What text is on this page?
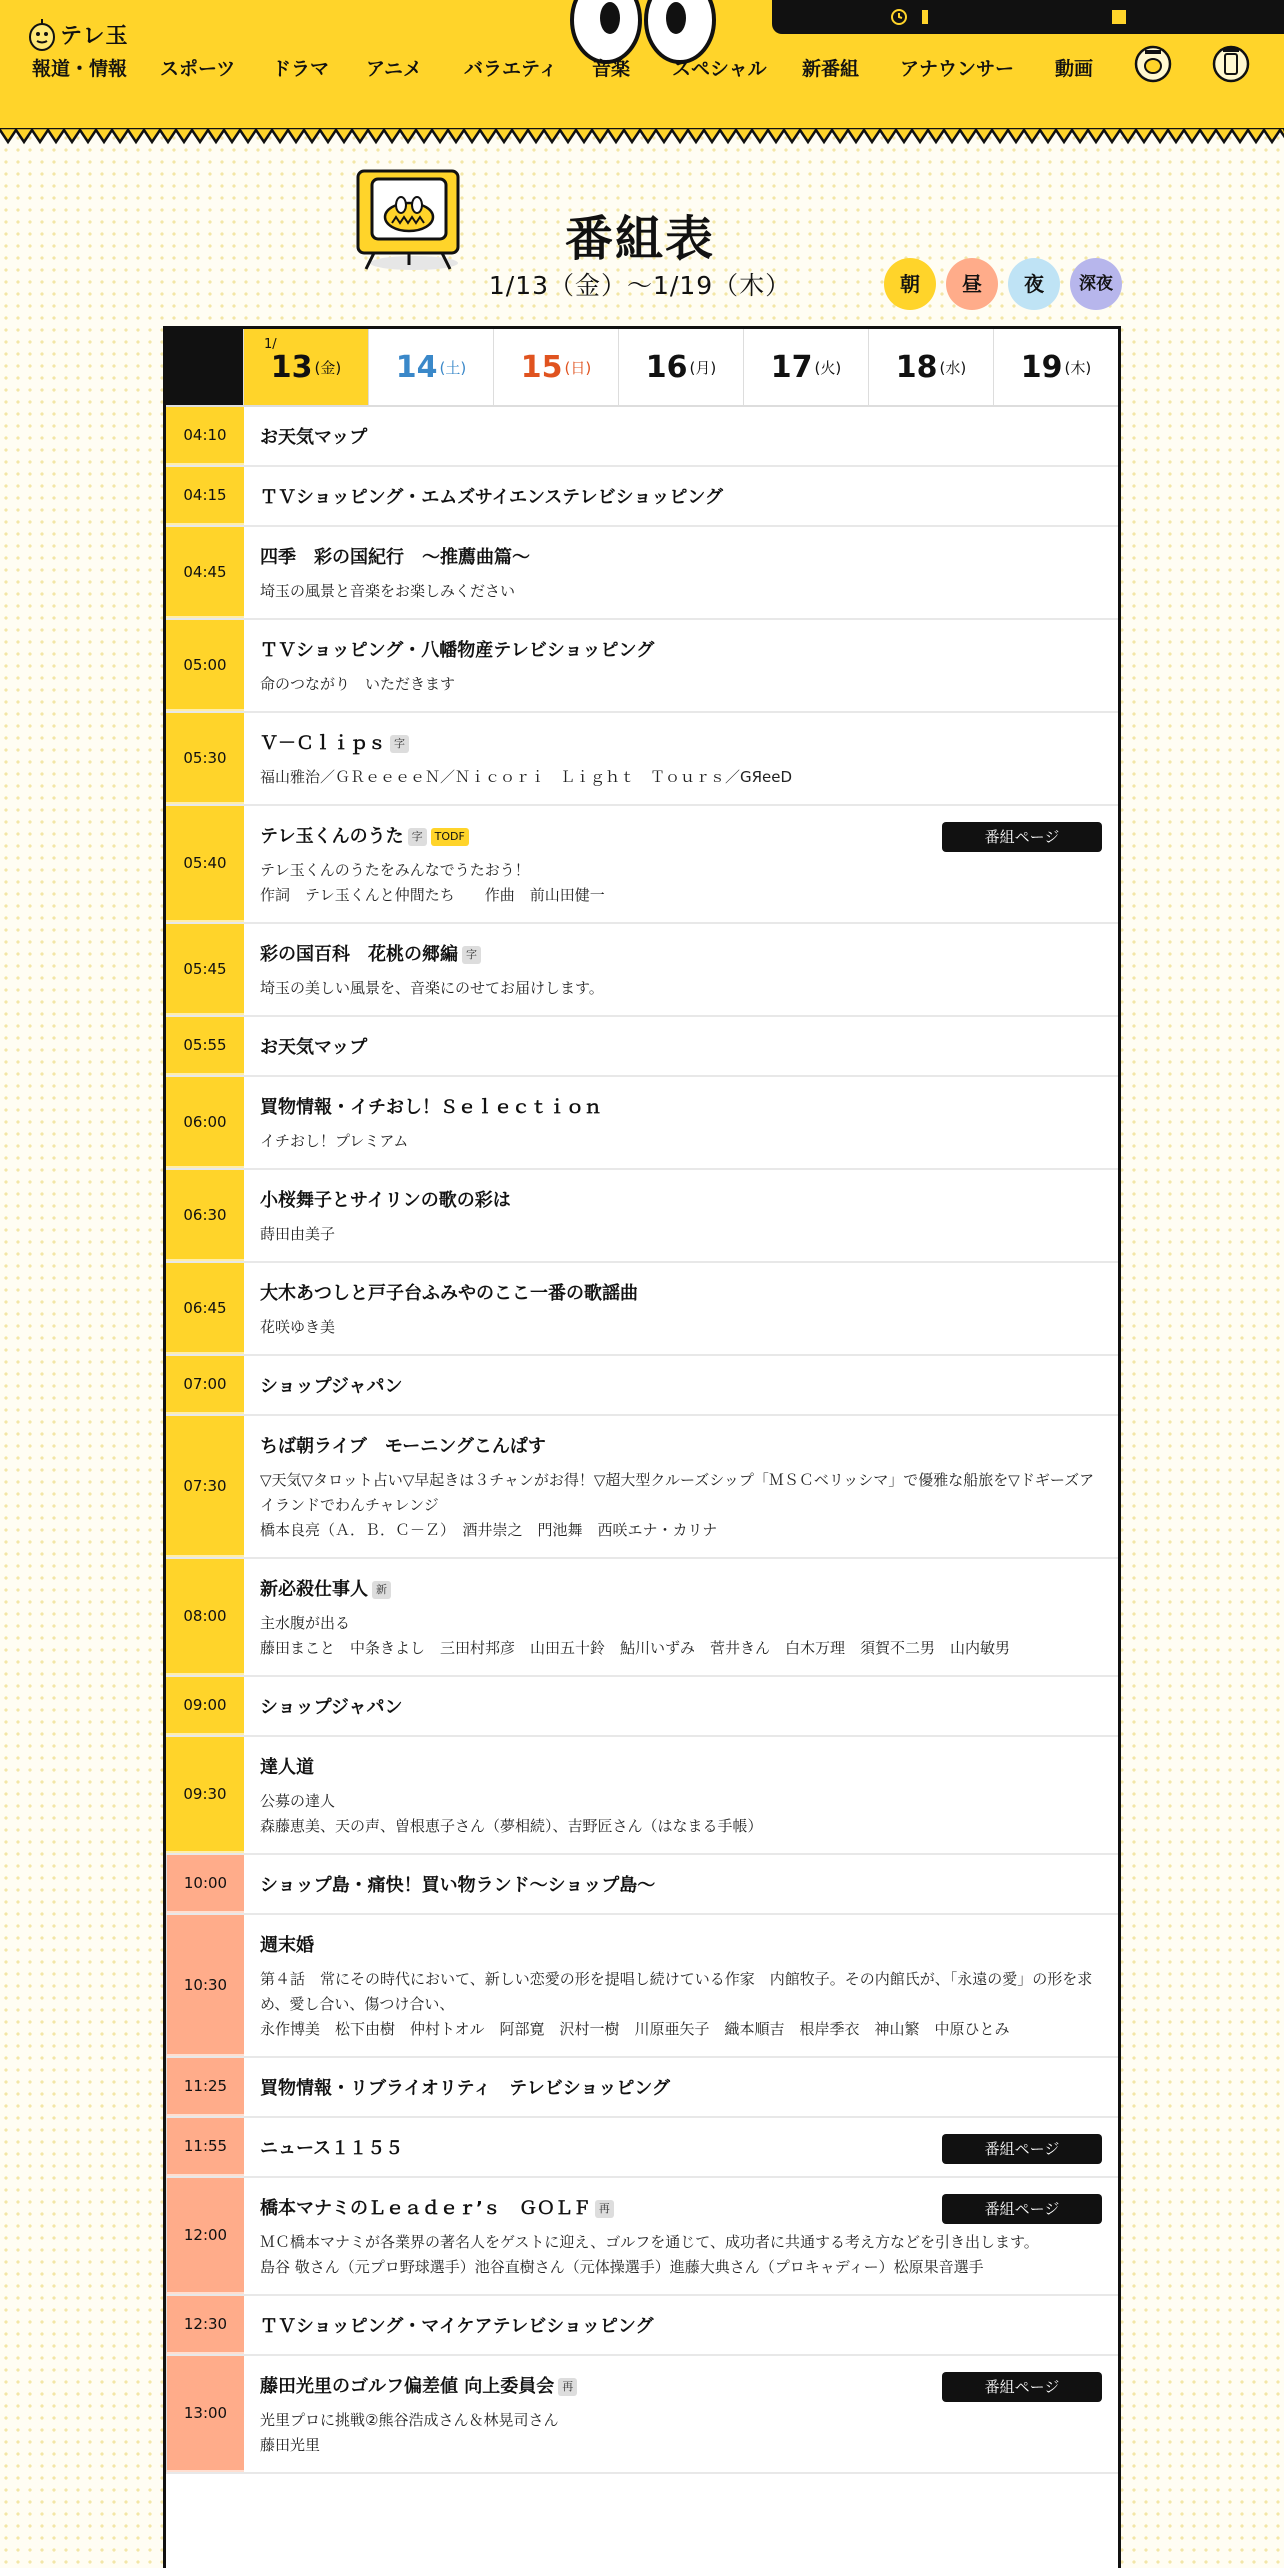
テレ玉
報道・情報 スポーツ ドラマ アニメ バラエティ 音楽 スペシャル 新番組 アナウンサー 動画
番組表
1/13（金）〜1/19（木）	朝	昼	夜	深夜
1/
13 (金) 14 (土) 15 (日) 16 (月) 17 (火) 18 (水) 19 (木)
04:10	お天気マップ
04:15	ＴＶショッピング・エムズサイエンステレビショッピング
04:45
四季　彩の国紀行　～推薦曲篇～
埼玉の風景と音楽をお楽しみください
05:00
ＴＶショッピング・八幡物産テレビショッピング
命のつながり　いただきます
05:30
Ｖ－Ｃｌｉｐｓ 字
福山雅治／ＧＲｅｅｅｅＮ／Ｎｉｃｏｒｉ　Ｌｉｇｈｔ　Ｔｏｕｒｓ／GЯeeD
05:40
テレ玉くんのうた 字 TODF
テレ玉くんのうたをみんなでうたおう！
作詞　テレ玉くんと仲間たち　　作曲　前山田健一
番組ページ
05:45
彩の国百科　花桃の郷編 字
埼玉の美しい風景を、音楽にのせてお届けします。
05:55	お天気マップ
06:00
買物情報・イチおし！Ｓｅｌｅｃｔｉｏｎ
イチおし！プレミアム
06:30
小桜舞子とサイリンの歌の彩は
蒔田由美子
06:45
大木あつしと戸子台ふみやのここ一番の歌謡曲
花咲ゆき美
07:00	ショップジャパン
07:30
ちば朝ライブ　モーニングこんぱす
▽天気▽タロット占い▽早起きは３チャンがお得！▽超大型クルーズシップ「ＭＳＣベリッシマ」で優雅な船旅を▽ドギーズアイランドでわんチャレンジ
橋本良亮（Ａ．Ｂ．Ｃ－Ｚ）　酒井崇之　門池舞　西咲エナ・カリナ
08:00
新必殺仕事人 新
主水腹が出る
藤田まこと　中条きよし　三田村邦彦　山田五十鈴　鮎川いずみ　菅井きん　白木万理　須賀不二男　山内敏男
09:00	ショップジャパン
09:30
達人道
公募の達人
森藤恵美、天の声、曽根恵子さん（夢相続）、吉野匠さん（はなまる手帳）
10:00	ショップ島・痛快！買い物ランド～ショップ島～
10:30
週末婚
第４話　常にその時代において、新しい恋愛の形を提唱し続けている作家　内館牧子。その内館氏が、「永遠の愛」の形を求め、愛し合い、傷つけ合い、
永作博美　松下由樹　仲村トオル　阿部寛　沢村一樹　川原亜矢子　織本順吉　根岸季衣　神山繁　中原ひとみ
11:25	買物情報・リブライオリティ　テレビショッピング
11:55	ニュース１１５５	番組ページ
12:00
橋本マナミのＬｅａｄｅｒ’ｓ　ＧＯＬＦ 再
ＭＣ橋本マナミが各業界の著名人をゲストに迎え、ゴルフを通じて、成功者に共通する考え方などを引き出します。
島谷 敬さん（元プロ野球選手）池谷直樹さん（元体操選手）進藤大典さん（プロキャディー）松原果音選手
番組ページ
12:30	ＴＶショッピング・マイケアテレビショッピング
13:00
藤田光里のゴルフ偏差値 向上委員会 再
光里プロに挑戦②熊谷浩成さん＆林晃司さん
藤田光里
番組ページ
